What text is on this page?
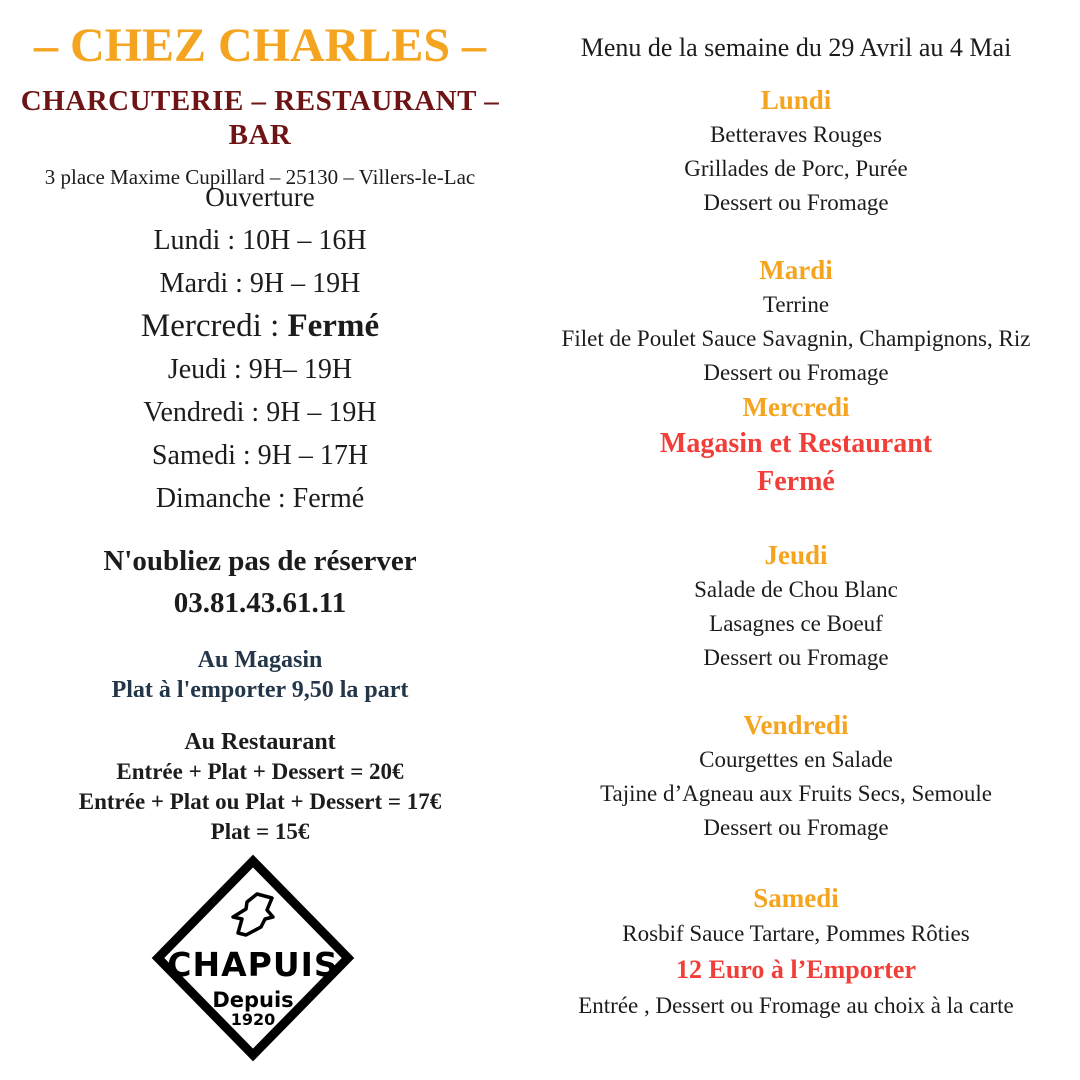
– CHEZ CHARLES –
CHARCUTERIE – RESTAURANT – BAR
3 place Maxime Cupillard – 25130 – Villers-le-Lac
Ouverture
Lundi : 10H – 16H
Mardi : 9H – 19H
Mercredi : Fermé
Jeudi : 9H– 19H
Vendredi : 9H – 19H
Samedi : 9H – 17H
Dimanche : Fermé
N'oubliez pas de réserver
03.81.43.61.11
Au Magasin
Plat à l'emporter 9,50 la part
Au Restaurant
Entrée + Plat + Dessert = 20€
Entrée + Plat ou Plat + Dessert = 17€
Plat = 15€
CHAPUIS
Depuis
1920
Menu de la semaine du 29 Avril au 4 Mai
Lundi
Betteraves Rouges
Grillades de Porc, Purée
Dessert ou Fromage
Mardi
Terrine
Filet de Poulet Sauce Savagnin, Champignons, Riz
Dessert ou Fromage
Mercredi
Magasin et Restaurant
Fermé
Jeudi
Salade de Chou Blanc
Lasagnes ce Boeuf
Dessert ou Fromage
Vendredi
Courgettes en Salade
Tajine d’Agneau aux Fruits Secs, Semoule
Dessert ou Fromage
Samedi
Rosbif Sauce Tartare, Pommes Rôties
12 Euro à l’Emporter
Entrée , Dessert ou Fromage au choix à la carte
